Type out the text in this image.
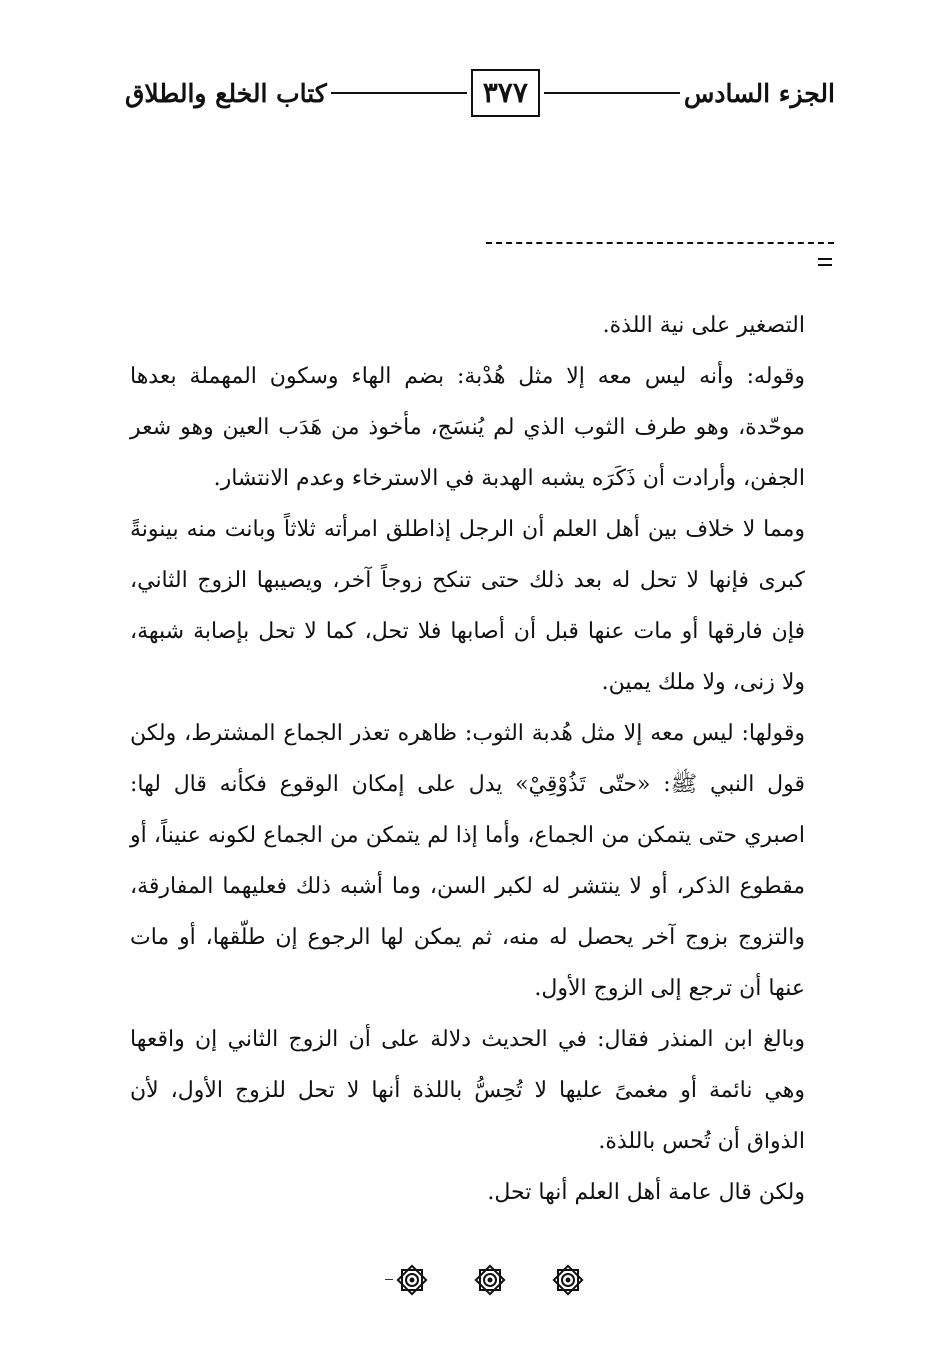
الجزء السادس
٣٧٧
كتاب الخلع والطلاق

التصغير على نية اللذة.

وقوله: وأنه ليس معه إلا مثل هُدْبة: بضم الهاء وسكون المهملة بعدها موحّدة، وهو طرف الثوب الذي لم يُنسَج، مأخوذ من هَدَب العين وهو شعر الجفن، وأرادت أن ذَكَرَه يشبه الهدبة في الاسترخاء وعدم الانتشار.

ومما لا خلاف بين أهل العلم أن الرجل إذاطلق امرأته ثلاثاً وبانت منه بينونةً كبرى فإنها لا تحل له بعد ذلك حتى تنكح زوجاً آخر، ويصيبها الزوج الثاني، فإن فارقها أو مات عنها قبل أن أصابها فلا تحل، كما لا تحل بإصابة شبهة، ولا زنى، ولا ملك يمين.

وقولها: ليس معه إلا مثل هُدبة الثوب: ظاهره تعذر الجماع المشترط، ولكن قول النبي ﷺ: «حتّى تَذُوْقِيْ» يدل على إمكان الوقوع فكأنه قال لها: اصبري حتى يتمكن من الجماع، وأما إذا لم يتمكن من الجماع لكونه عنيناً، أو مقطوع الذكر، أو لا ينتشر له لكبر السن، وما أشبه ذلك فعليهما المفارقة، والتزوج بزوج آخر يحصل له منه، ثم يمكن لها الرجوع إن طلّقها، أو مات عنها أن ترجع إلى الزوج الأول.

وبالغ ابن المنذر فقال: في الحديث دلالة على أن الزوج الثاني إن واقعها وهي نائمة أو مغمىً عليها لا تُحِسُّ باللذة أنها لا تحل للزوج الأول، لأن الذواق أن تُحس باللذة.

ولكن قال عامة أهل العلم أنها تحل.
